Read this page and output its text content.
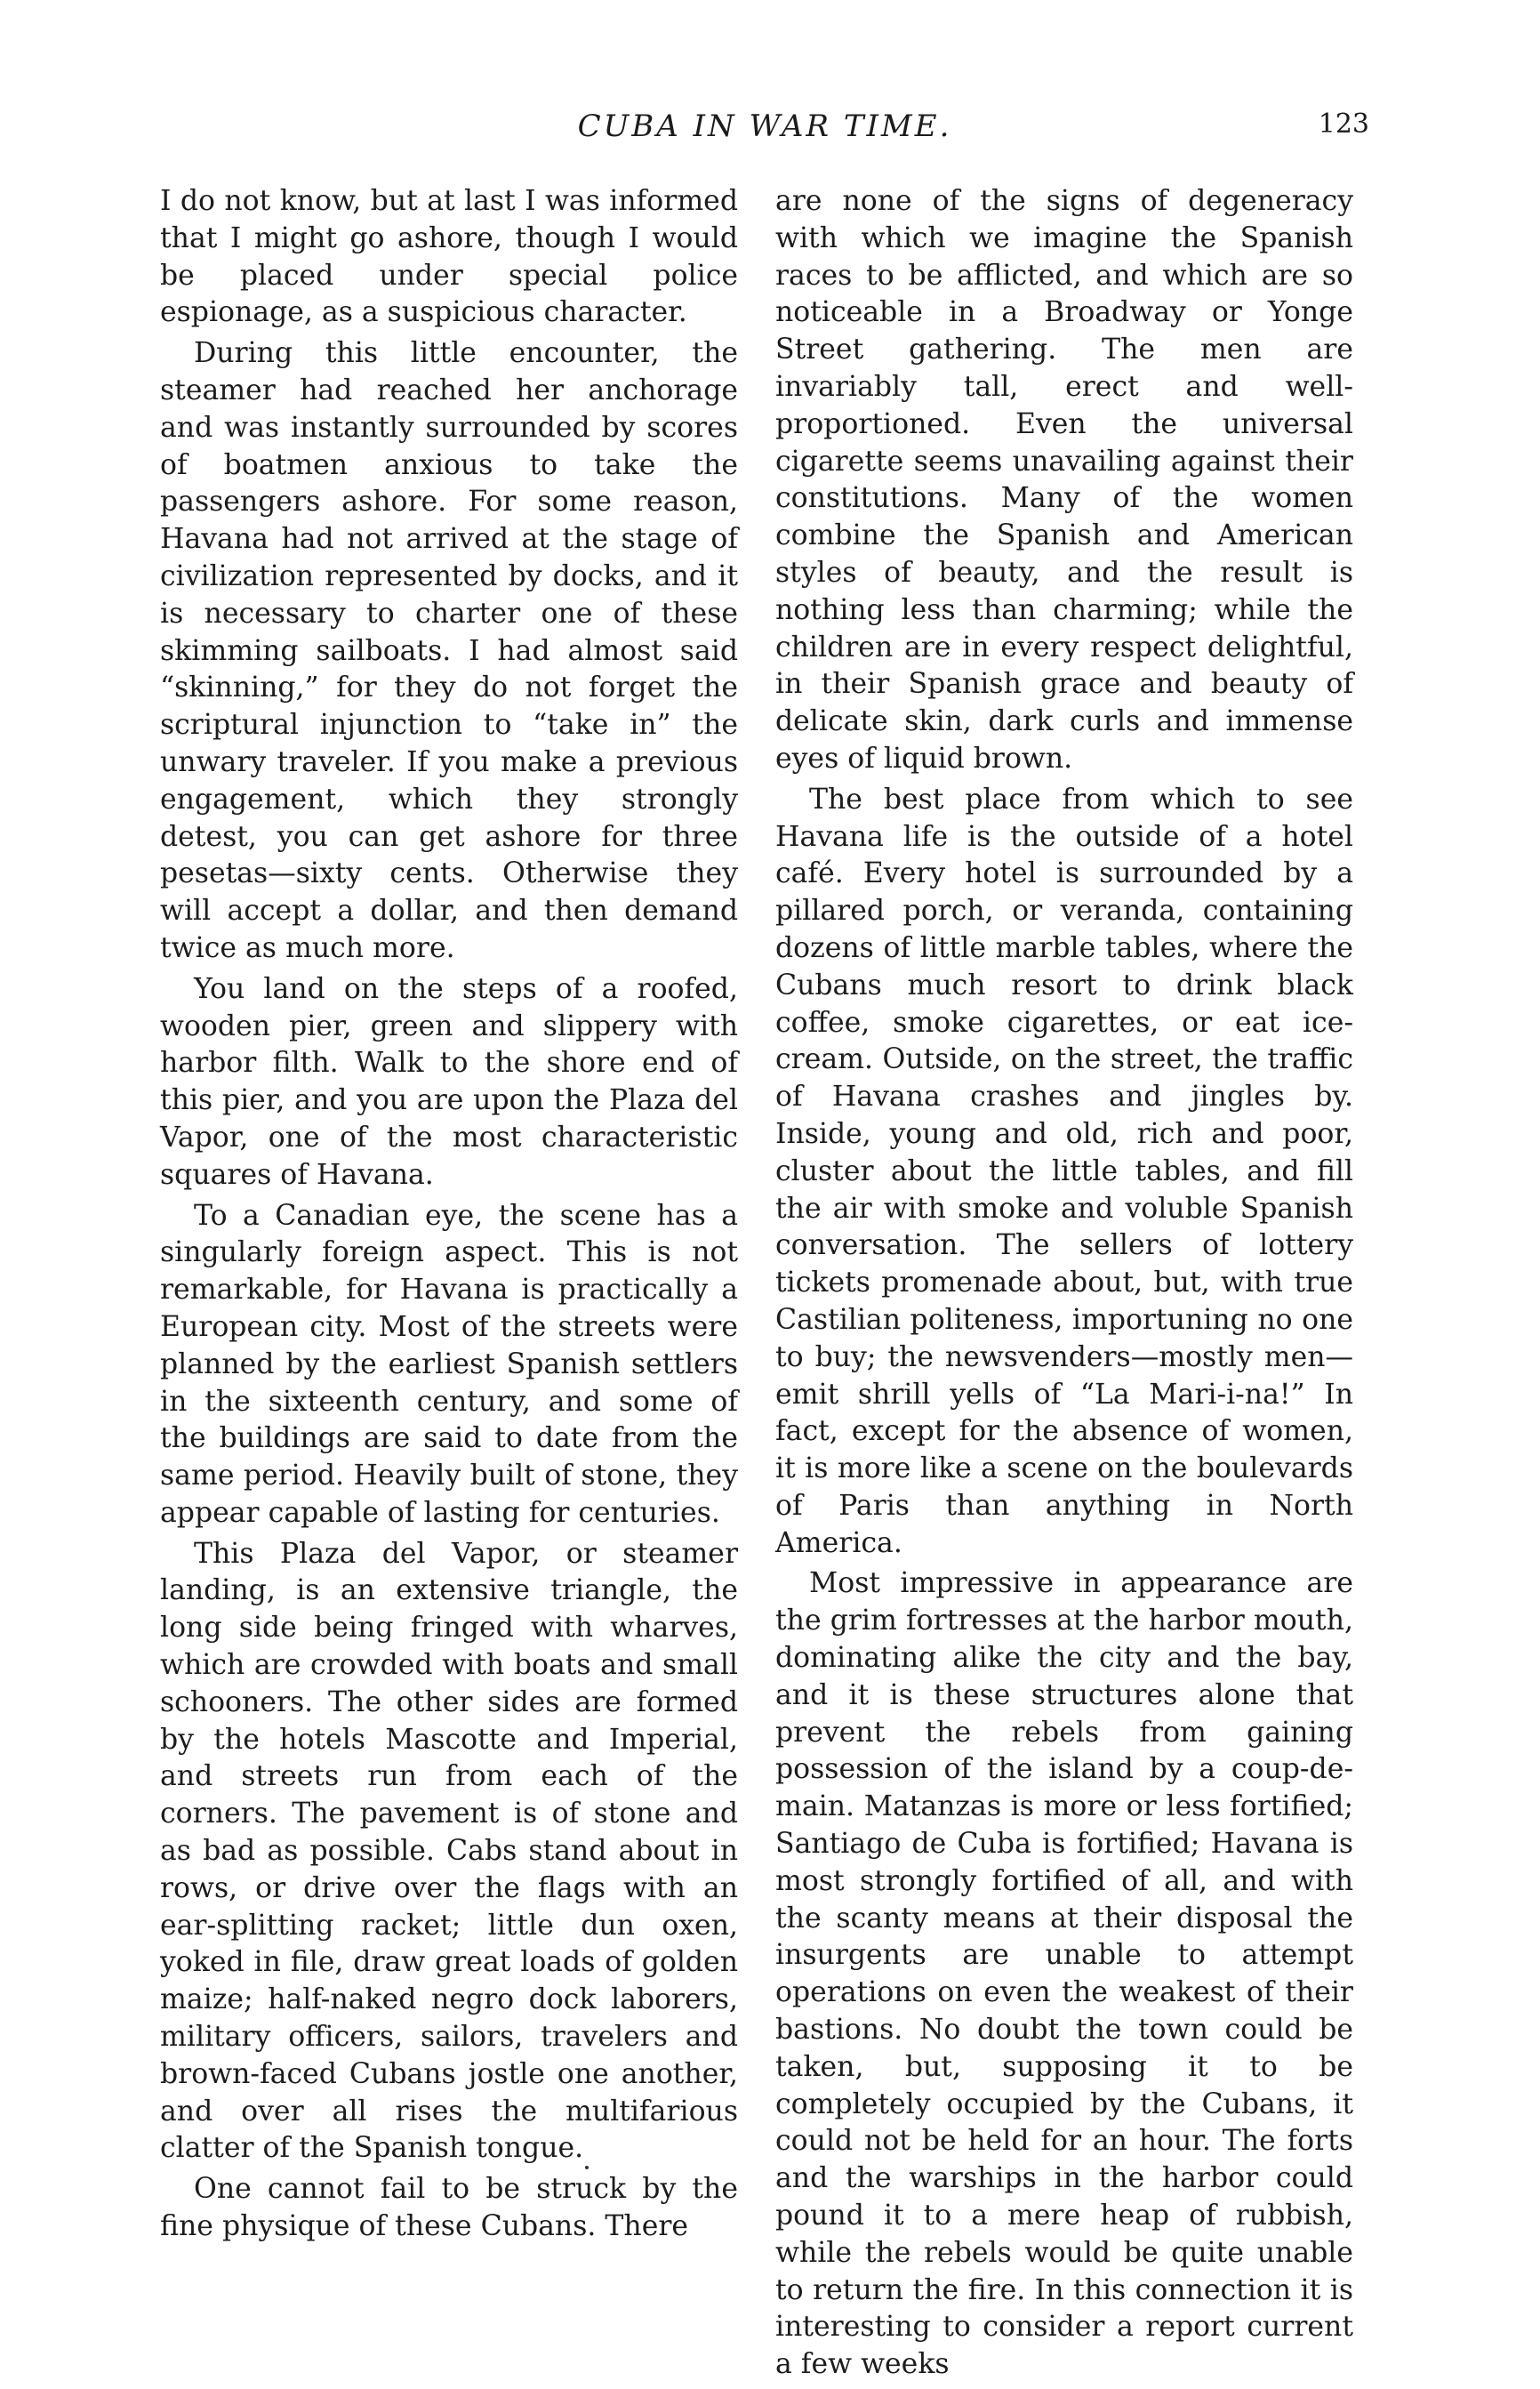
CUBA IN WAR TIME.	123

I do not know, but at last I was informed that I might go ashore, though I would be placed under special police espionage, as a suspicious character.

During this little encounter, the steamer had reached her anchorage and was instantly surrounded by scores of boatmen anxious to take the passengers ashore. For some reason, Havana had not arrived at the stage of civilization represented by docks, and it is necessary to charter one of these skimming sailboats. I had almost said “skinning,” for they do not forget the scriptural injunction to “take in” the unwary traveler. If you make a previous engagement, which they strongly detest, you can get ashore for three pesetas—sixty cents. Otherwise they will accept a dollar, and then demand twice as much more.

You land on the steps of a roofed, wooden pier, green and slippery with harbor filth. Walk to the shore end of this pier, and you are upon the Plaza del Vapor, one of the most characteristic squares of Havana.

To a Canadian eye, the scene has a singularly foreign aspect. This is not remarkable, for Havana is practically a European city. Most of the streets were planned by the earliest Spanish settlers in the sixteenth century, and some of the buildings are said to date from the same period. Heavily built of stone, they appear capable of lasting for centuries.

This Plaza del Vapor, or steamer landing, is an extensive triangle, the long side being fringed with wharves, which are crowded with boats and small schooners. The other sides are formed by the hotels Mascotte and Imperial, and streets run from each of the corners. The pavement is of stone and as bad as possible. Cabs stand about in rows, or drive over the flags with an ear-splitting racket; little dun oxen, yoked in file, draw great loads of golden maize; half-naked negro dock laborers, military officers, sailors, travelers and brown-faced Cubans jostle one another, and over all rises the multifarious clatter of the Spanish tongue.

One cannot fail to be struck by the fine physique of these Cubans. There

are none of the signs of degeneracy with which we imagine the Spanish races to be afflicted, and which are so noticeable in a Broadway or Yonge Street gathering. The men are invariably tall, erect and well-proportioned. Even the universal cigarette seems unavailing against their constitutions. Many of the women combine the Spanish and American styles of beauty, and the result is nothing less than charming; while the children are in every respect delightful, in their Spanish grace and beauty of delicate skin, dark curls and immense eyes of liquid brown.

The best place from which to see Havana life is the outside of a hotel café. Every hotel is surrounded by a pillared porch, or veranda, containing dozens of little marble tables, where the Cubans much resort to drink black coffee, smoke cigarettes, or eat ice-cream. Outside, on the street, the traffic of Havana crashes and jingles by. Inside, young and old, rich and poor, cluster about the little tables, and fill the air with smoke and voluble Spanish conversation. The sellers of lottery tickets promenade about, but, with true Castilian politeness, importuning no one to buy; the newsvenders—mostly men—emit shrill yells of “La Mari-i-na!” In fact, except for the absence of women, it is more like a scene on the boulevards of Paris than anything in North America.

Most impressive in appearance are the grim fortresses at the harbor mouth, dominating alike the city and the bay, and it is these structures alone that prevent the rebels from gaining possession of the island by a coup-de-main. Matanzas is more or less fortified; Santiago de Cuba is fortified; Havana is most strongly fortified of all, and with the scanty means at their disposal the insurgents are unable to attempt operations on even the weakest of their bastions. No doubt the town could be taken, but, supposing it to be completely occupied by the Cubans, it could not be held for an hour. The forts and the warships in the harbor could pound it to a mere heap of rubbish, while the rebels would be quite unable to return the fire. In this connection it is interesting to consider a report current a few weeks
